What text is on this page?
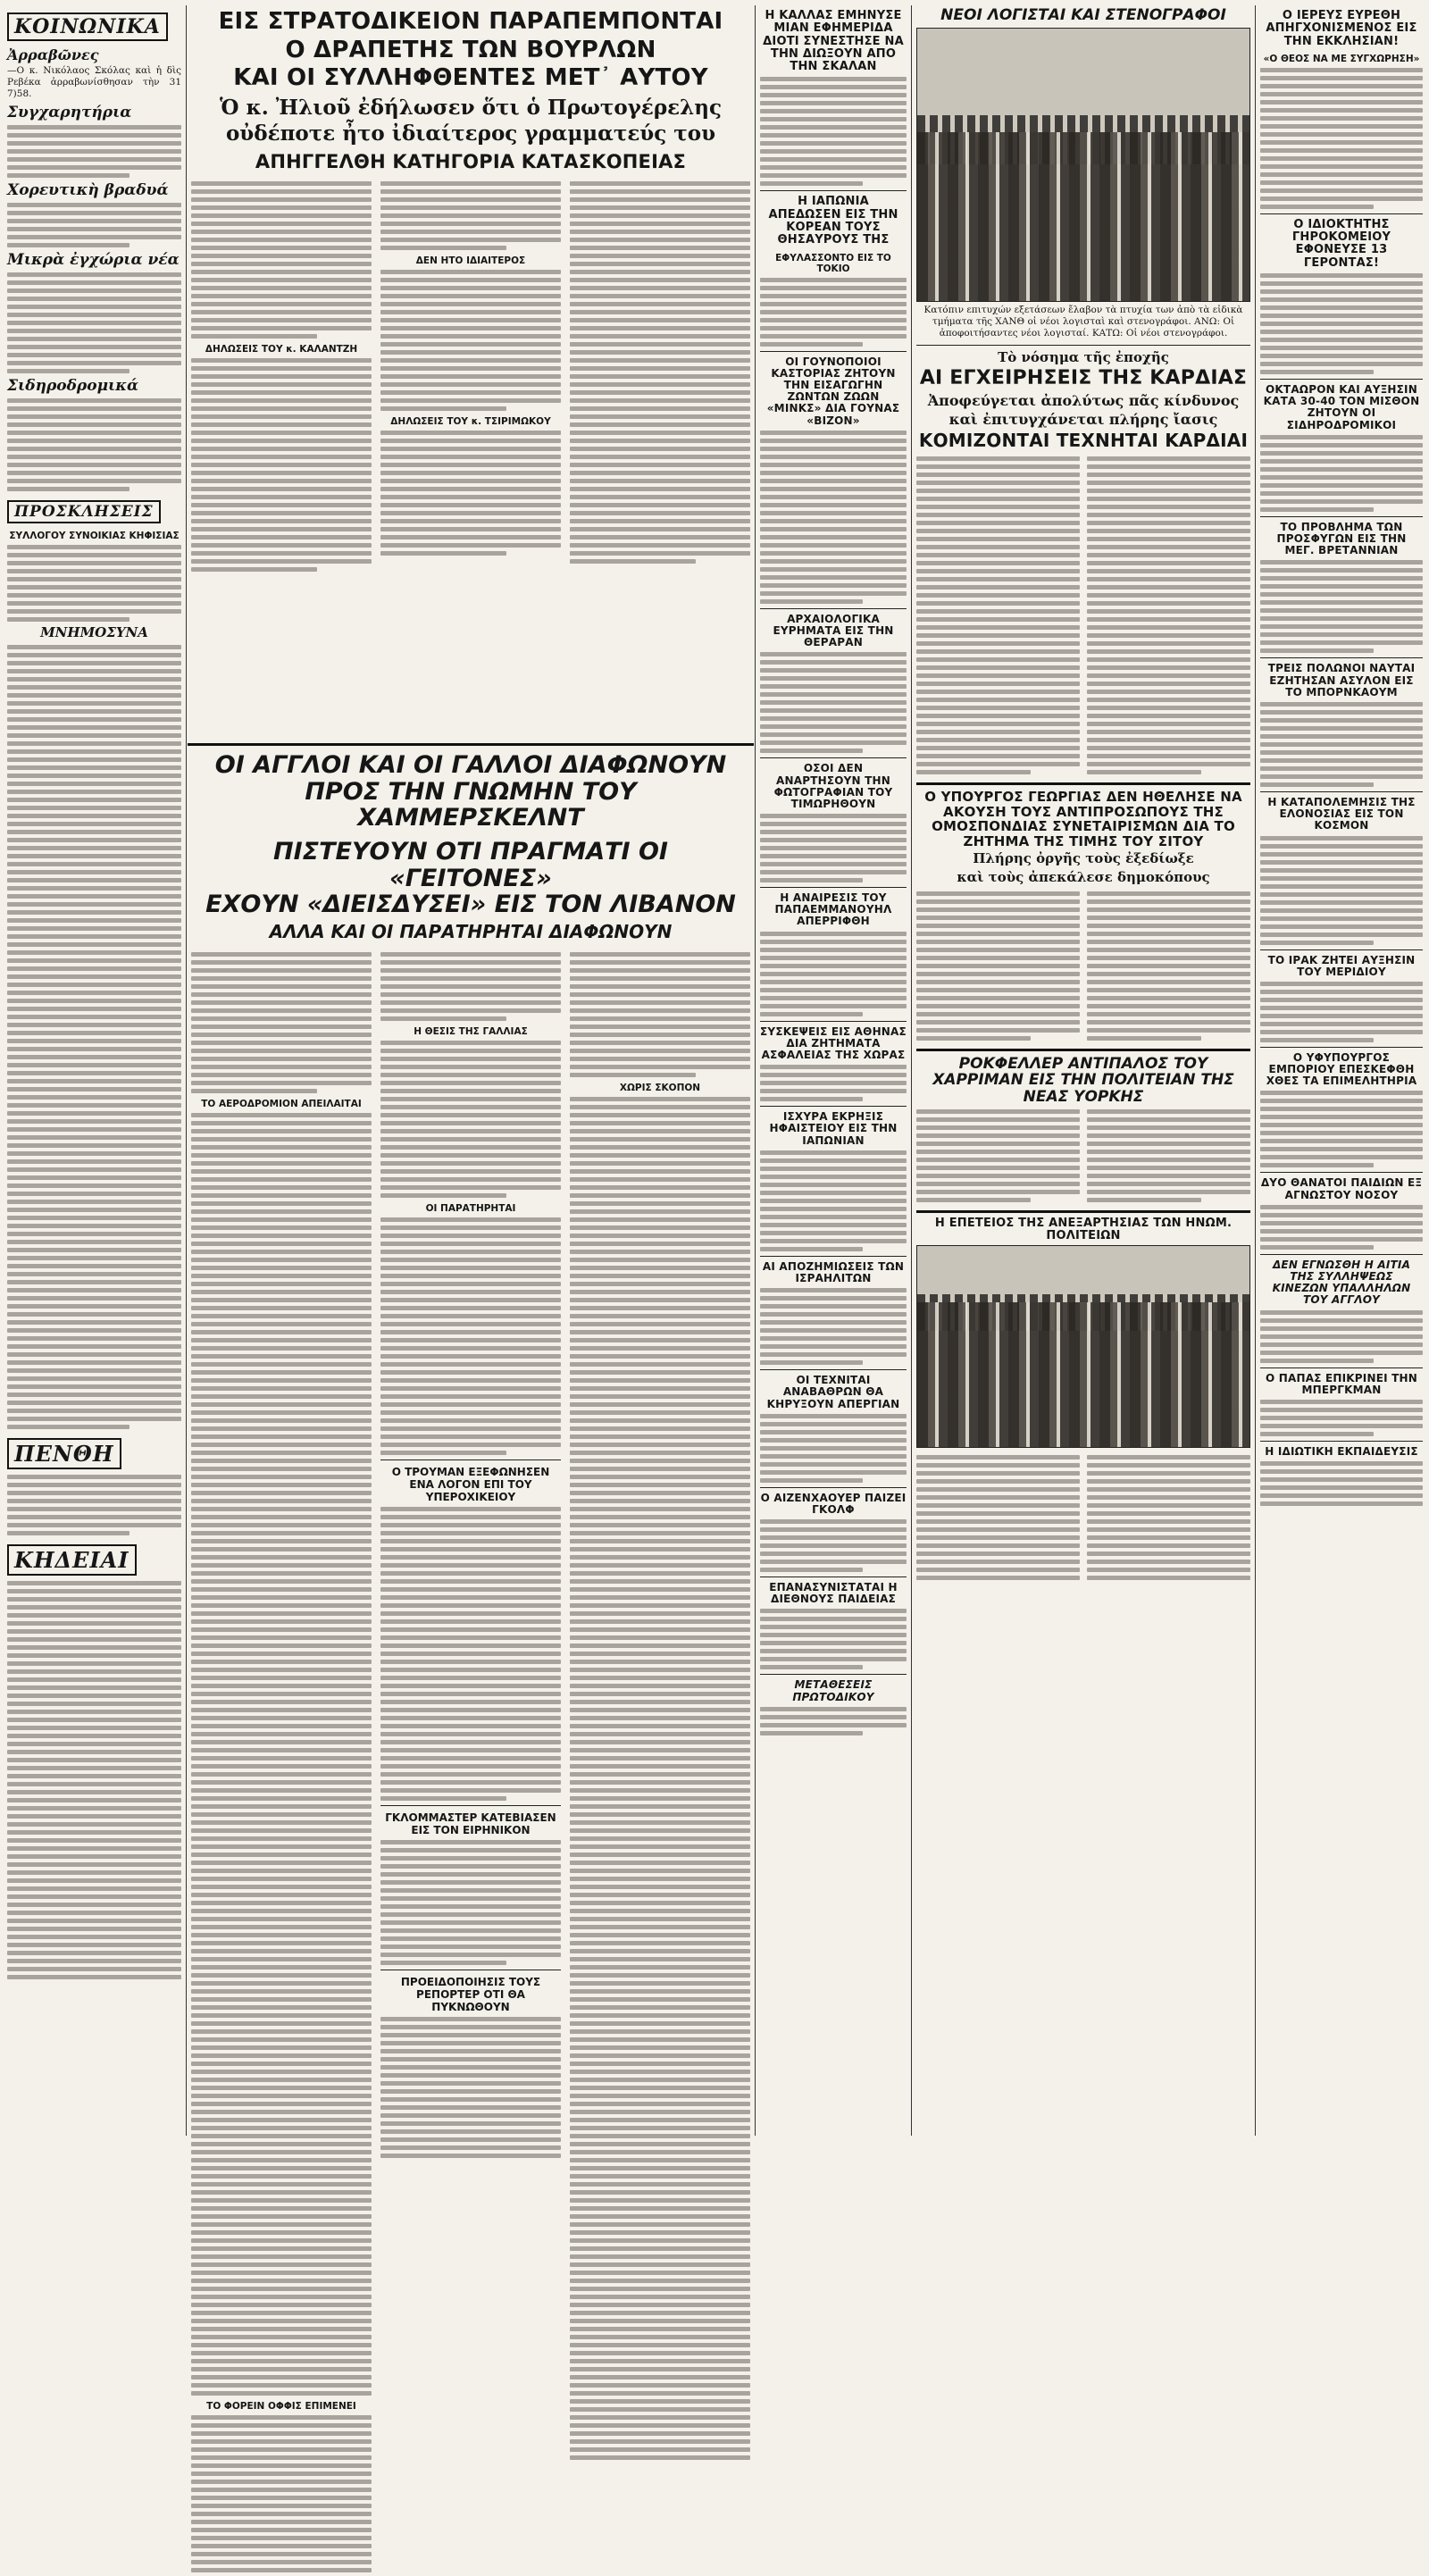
ΚΟΙΝΩΝΙΚΑ
Ἀρραβῶνες
—Ο κ. Νικόλαος Σκόλας καὶ ἡ δὶς Ρεβέκα ἀρραβωνίσθησαν τὴν 31 7)58.
Συγχαρητήρια
Χορευτικὴ βραδυά
Μικρὰ ἐγχώρια νέα
Σιδηροδρομικά
ΠΡΟΣΚΛΗΣΕΙΣ
ΣΥΛΛΟΓΟΥ ΣΥΝΟΙΚΙΑΣ ΚΗΦΙΣΙΑΣ
ΜΝΗΜΟΣΥΝΑ
ΠΕΝΘΗ
ΚΗΔΕΙΑΙ
ΕΙΣ ΣΤΡΑΤΟΔΙΚΕΙΟΝ ΠΑΡΑΠΕΜΠΟΝΤΑΙ
Ο ΔΡΑΠΕΤΗΣ ΤΩΝ ΒΟΥΡΛΩΝ
ΚΑΙ ΟΙ ΣΥΛΛΗΦΘΕΝΤΕΣ ΜΕΤ᾽ ΑΥΤΟΥ
Ὁ κ. Ἠλιοῦ ἐδήλωσεν ὅτι ὁ Πρωτογέρελης
οὐδέποτε ἦτο ἰδιαίτερος γραμματεύς του
ΑΠΗΓΓΕΛΘΗ ΚΑΤΗΓΟΡΙΑ ΚΑΤΑΣΚΟΠΕΙΑΣ
ΔΗΛΩΣΕΙΣ ΤΟΥ κ. ΚΑΛΑΝΤΖΗ
ΔΕΝ ΗΤΟ ΙΔΙΑΙΤΕΡΟΣ
ΔΗΛΩΣΕΙΣ ΤΟΥ κ. ΤΣΙΡΙΜΩΚΟΥ
ΟΙ ΑΓΓΛΟΙ ΚΑΙ ΟΙ ΓΑΛΛΟΙ ΔΙΑΦΩΝΟΥΝ
ΠΡΟΣ ΤΗΝ ΓΝΩΜΗΝ ΤΟΥ ΧΑΜΜΕΡΣΚΕΛΝΤ
ΠΙΣΤΕΥΟΥΝ ΟΤΙ ΠΡΑΓΜΑΤΙ ΟΙ «ΓΕΙΤΟΝΕΣ»
ΕΧΟΥΝ «ΔΙΕΙΣΔΥΣΕΙ» ΕΙΣ ΤΟΝ ΛΙΒΑΝΟΝ
ΑΛΛΑ ΚΑΙ ΟΙ ΠΑΡΑΤΗΡΗΤΑΙ ΔΙΑΦΩΝΟΥΝ
ΤΟ ΑΕΡΟΔΡΟΜΙΟΝ ΑΠΕΙΛΑΙΤΑΙ
ΤΟ ΦΟΡΕΙΝ ΟΦΦΙΣ ΕΠΙΜΕΝΕΙ
Η ΘΕΣΙΣ ΤΗΣ ΓΑΛΛΙΑΣ
ΟΙ ΠΑΡΑΤΗΡΗΤΑΙ
Ο ΤΡΟΥΜΑΝ ΕΞΕΦΩΝΗΣΕΝ ΕΝΑ ΛΟΓΟΝ ΕΠΙ ΤΟΥ ΥΠΕΡΟΧΙΚΕΙΟΥ
ΓΚΛΟΜΜΑΣΤΕΡ ΚΑΤΕΒΙΑΣΕΝ ΕΙΣ ΤΟΝ ΕΙΡΗΝΙΚΟΝ
ΠΡΟΕΙΔΟΠΟΙΗΣΙΣ ΤΟΥΣ ΡΕΠΟΡΤΕΡ ΟΤΙ ΘΑ ΠΥΚΝΩΘΟΥΝ
ΧΩΡΙΣ ΣΚΟΠΟΝ
Η ΚΑΛΛΑΣ ΕΜΗΝΥΣΕ ΜΙΑΝ ΕΦΗΜΕΡΙΔΑ ΔΙΟΤΙ ΣΥΝΕΣΤΗΣΕ ΝΑ ΤΗΝ ΔΙΩΞΟΥΝ ΑΠΟ ΤΗΝ ΣΚΑΛΑΝ
Η ΙΑΠΩΝΙΑ ΑΠΕΔΩΣΕΝ ΕΙΣ ΤΗΝ ΚΟΡΕΑΝ ΤΟΥΣ ΘΗΣΑΥΡΟΥΣ ΤΗΣ
ΕΦΥΛΑΣΣΟΝΤΟ ΕΙΣ ΤΟ ΤΟΚΙΟ
ΟΙ ΓΟΥΝΟΠΟΙΟΙ ΚΑΣΤΟΡΙΑΣ ΖΗΤΟΥΝ ΤΗΝ ΕΙΣΑΓΩΓΗΝ ΖΩΝΤΩΝ ΖΩΩΝ «ΜΙΝΚΣ» ΔΙΑ ΓΟΥΝΑΣ «ΒΙΖΟΝ»
ΑΡΧΑΙΟΛΟΓΙΚΑ ΕΥΡΗΜΑΤΑ ΕΙΣ ΤΗΝ ΘΕΡΑΡΑΝ
ΟΣΟΙ ΔΕΝ ΑΝΑΡΤΗΣΟΥΝ ΤΗΝ ΦΩΤΟΓΡΑΦΙΑΝ ΤΟΥ ΤΙΜΩΡΗΘΟΥΝ
Η ΑΝΑΙΡΕΣΙΣ ΤΟΥ ΠΑΠΑΕΜΜΑΝΟΥΗΛ ΑΠΕΡΡΙΦΘΗ
ΣΥΣΚΕΨΕΙΣ ΕΙΣ ΑΘΗΝΑΣ ΔΙΑ ΖΗΤΗΜΑΤΑ ΑΣΦΑΛΕΙΑΣ ΤΗΣ ΧΩΡΑΣ
ΙΣΧΥΡΑ ΕΚΡΗΞΙΣ ΗΦΑΙΣΤΕΙΟΥ ΕΙΣ ΤΗΝ ΙΑΠΩΝΙΑΝ
ΑΙ ΑΠΟΖΗΜΙΩΣΕΙΣ ΤΩΝ ΙΣΡΑΗΛΙΤΩΝ
ΟΙ ΤΕΧΝΙΤΑΙ ΑΝΑΒΑΘΡΩΝ ΘΑ ΚΗΡΥΞΟΥΝ ΑΠΕΡΓΙΑΝ
Ο ΑΙΖΕΝΧΑΟΥΕΡ ΠΑΙΖΕΙ ΓΚΟΛΦ
ΕΠΑΝΑΣΥΝΙΣΤΑΤΑΙ Η ΔΙΕΘΝΟΥΣ ΠΑΙΔΕΙΑΣ
ΜΕΤΑΘΕΣΕΙΣ ΠΡΩΤΟΔΙΚΟΥ
ΝΕΟΙ ΛΟΓΙΣΤΑΙ ΚΑΙ ΣΤΕΝΟΓΡΑΦΟΙ
Κατόπιν επιτυχών εξετάσεων ἔλαβον τὰ πτυχία των ἀπὸ τὰ εἰδικὰ τμήματα τῆς ΧΑΝΘ οἱ νέοι λογισταὶ καὶ στενογράφοι. ΑΝΩ: Οἱ ἀποφοιτήσαντες νέοι λογισταί. ΚΑΤΩ: Οἱ νέοι στενογράφοι.
Τὸ νόσημα τῆς ἐποχῆς
ΑΙ ΕΓΧΕΙΡΗΣΕΙΣ ΤΗΣ ΚΑΡΔΙΑΣ
Ἀποφεύγεται ἀπολύτως πᾶς κίνδυνος
καὶ ἐπιτυγχάνεται πλήρης ἴασις
ΚΟΜΙΖΟΝΤΑΙ ΤΕΧΝΗΤΑΙ ΚΑΡΔΙΑΙ
Ο ΥΠΟΥΡΓΟΣ ΓΕΩΡΓΙΑΣ ΔΕΝ ΗΘΕΛΗΣΕ ΝΑ ΑΚΟΥΣΗ ΤΟΥΣ ΑΝΤΙΠΡΟΣΩΠΟΥΣ ΤΗΣ ΟΜΟΣΠΟΝΔΙΑΣ ΣΥΝΕΤΑΙΡΙΣΜΩΝ ΔΙΑ ΤΟ ΖΗΤΗΜΑ ΤΗΣ ΤΙΜΗΣ ΤΟΥ ΣΙΤΟΥ
Πλήρης ὀργῆς τοὺς ἐξεδίωξε
καὶ τοὺς ἀπεκάλεσε δημοκόπους
ΡΟΚΦΕΛΛΕΡ ΑΝΤΙΠΑΛΟΣ ΤΟΥ ΧΑΡΡΙΜΑΝ ΕΙΣ ΤΗΝ ΠΟΛΙΤΕΙΑΝ ΤΗΣ ΝΕΑΣ ΥΟΡΚΗΣ
Η ΕΠΕΤΕΙΟΣ ΤΗΣ ΑΝΕΞΑΡΤΗΣΙΑΣ ΤΩΝ ΗΝΩΜ. ΠΟΛΙΤΕΙΩΝ
Ο ΙΕΡΕΥΣ ΕΥΡΕΘΗ ΑΠΗΓΧΟΝΙΣΜΕΝΟΣ ΕΙΣ ΤΗΝ ΕΚΚΛΗΣΙΑΝ!
«Ο ΘΕΟΣ ΝΑ ΜΕ ΣΥΓΧΩΡΗΣΗ»
Ο ΙΔΙΟΚΤΗΤΗΣ ΓΗΡΟΚΟΜΕΙΟΥ ΕΦΟΝΕΥΣΕ 13 ΓΕΡΟΝΤΑΣ!
ΟΚΤΑΩΡΟΝ ΚΑΙ ΑΥΞΗΣΙΝ ΚΑΤΑ 30-40 ΤΟΝ ΜΙΣΘΟΝ ΖΗΤΟΥΝ ΟΙ ΣΙΔΗΡΟΔΡΟΜΙΚΟΙ
ΤΟ ΠΡΟΒΛΗΜΑ ΤΩΝ ΠΡΟΣΦΥΓΩΝ ΕΙΣ ΤΗΝ ΜΕΓ. ΒΡΕΤΑΝΝΙΑΝ
ΤΡΕΙΣ ΠΟΛΩΝΟΙ ΝΑΥΤΑΙ ΕΖΗΤΗΣΑΝ ΑΣΥΛΟΝ ΕΙΣ ΤΟ ΜΠΟΡΝΚΑΟΥΜ
Η ΚΑΤΑΠΟΛΕΜΗΣΙΣ ΤΗΣ ΕΛΟΝΟΣΙΑΣ ΕΙΣ ΤΟΝ ΚΟΣΜΟΝ
ΤΟ ΙΡΑΚ ΖΗΤΕΙ ΑΥΞΗΣΙΝ ΤΟΥ ΜΕΡΙΔΙΟΥ
Ο ΥΦΥΠΟΥΡΓΟΣ ΕΜΠΟΡΙΟΥ ΕΠΕΣΚΕΦΘΗ ΧΘΕΣ ΤΑ ΕΠΙΜΕΛΗΤΗΡΙΑ
ΔΥΟ ΘΑΝΑΤΟΙ ΠΑΙΔΙΩΝ ΕΞ ΑΓΝΩΣΤΟΥ ΝΟΣΟΥ
ΔΕΝ ΕΓΝΩΣΘΗ Η ΑΙΤΙΑ ΤΗΣ ΣΥΛΛΗΨΕΩΣ ΚΙΝΕΖΩΝ ΥΠΑΛΛΗΛΩΝ ΤΟΥ ΑΓΓΛΟΥ
Ο ΠΑΠΑΣ ΕΠΙΚΡΙΝΕΙ ΤΗΝ ΜΠΕΡΓΚΜΑΝ
Η ΙΔΙΩΤΙΚΗ ΕΚΠΑΙΔΕΥΣΙΣ
